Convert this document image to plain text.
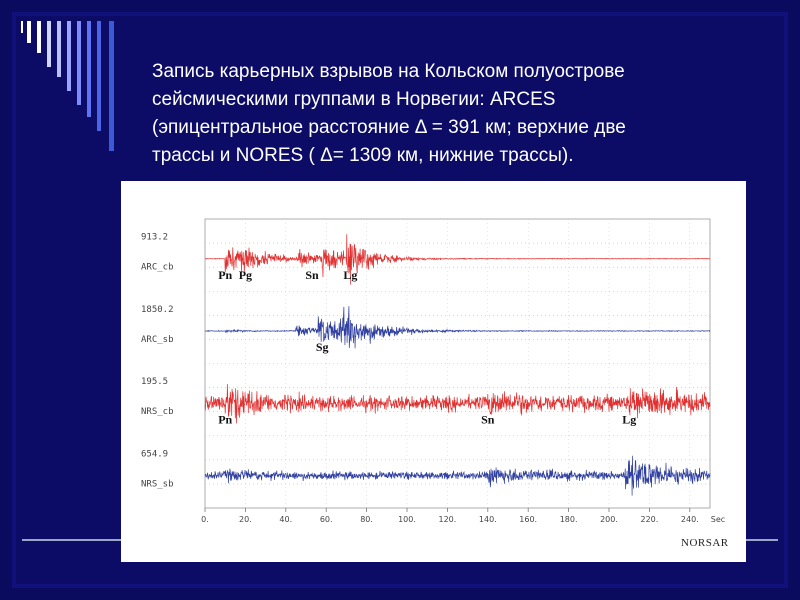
Запись карьерных взрывов на Кольском полуострове
сейсмическими группами в Норвегии: ARCES
(эпицентральное расстояние Δ = 391 км; верхние две
трассы и NORES ( Δ= 1309 км, нижние трассы).
0.	20.	40.	60.	80.	100.	120.	140.	160.	180.	200.	220.	240. Sec
913.2
ARC_cb
1850.2
ARC_sb
195.5
NRS_cb
654.9
NRS_sb
Pn Pg	Sn Lg
Sg
Pn	Sn	Lg
NORSAR
